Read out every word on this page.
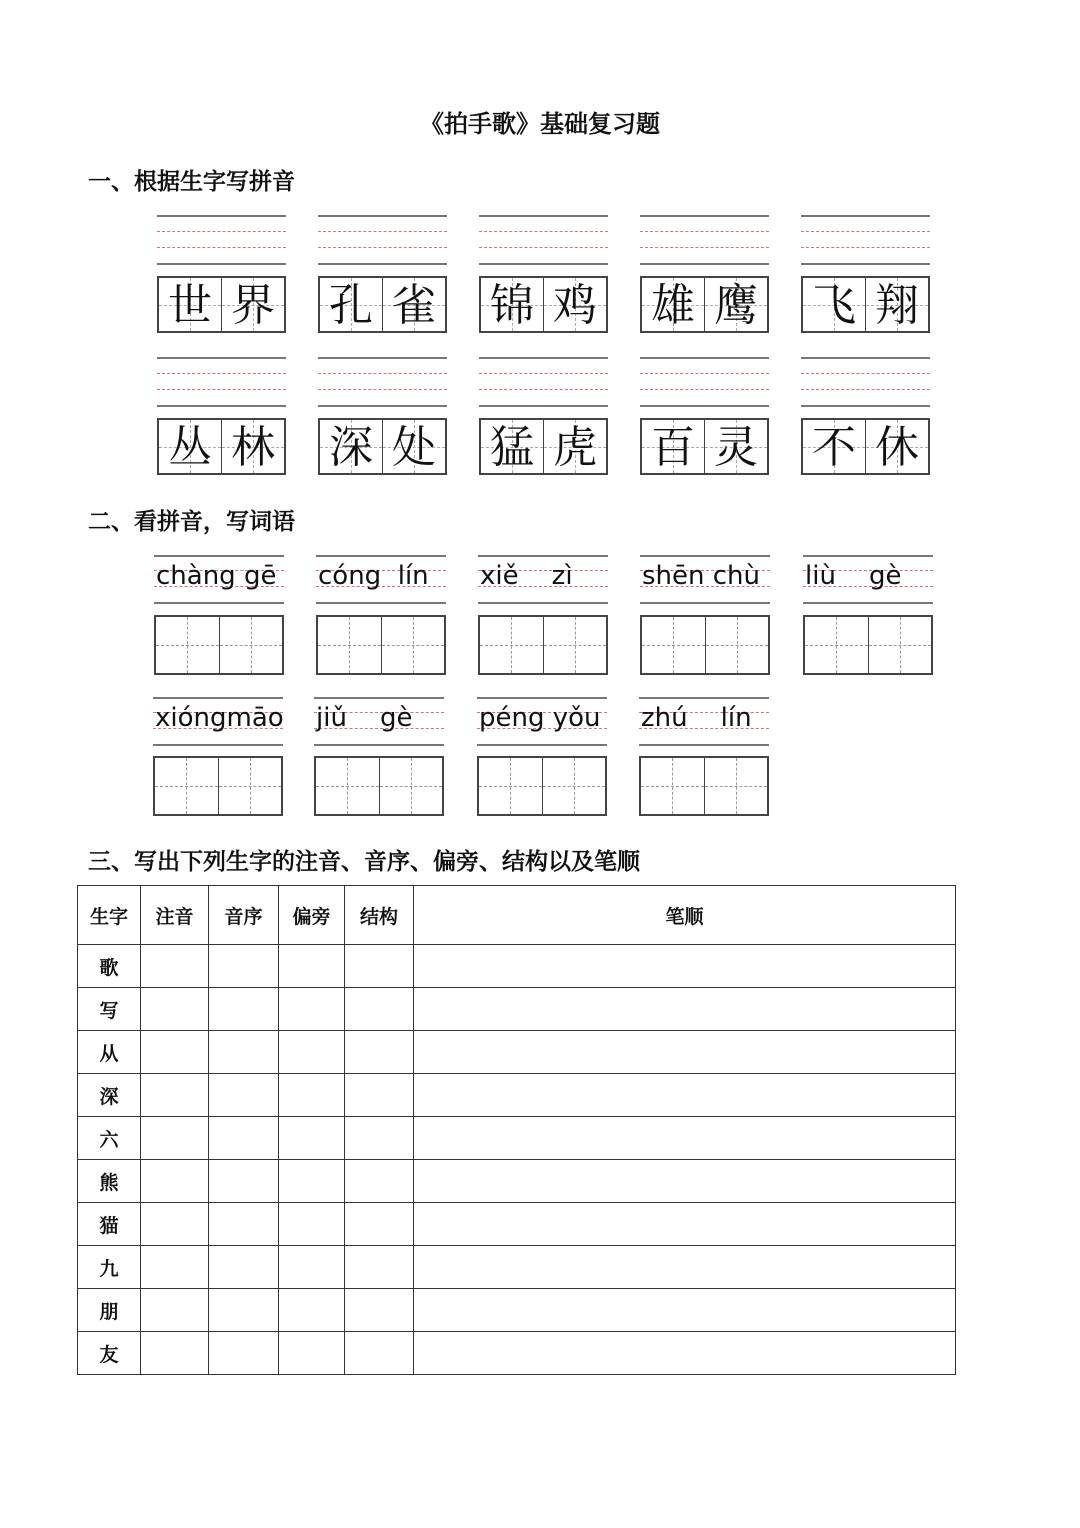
《拍手歌》基础复习题
一、根据生字写拼音
世 界 孔 雀 锦 鸡 雄 鹰 飞 翔
丛 林 深 处 猛 虎 百 灵 不 休
二、看拼音，写词语
chàng gē cóng  lín xiě    zì	shēn chù liù    gè
xióngmāo jiǔ    gè	péng yǒu zhú    lín
三、写出下列生字的注音、音序、偏旁、结构以及笔顺
生字	注音	音序	偏旁	结构	笔顺
歌					
写					
从					
深					
六					
熊					
猫					
九					
朋					
友					
